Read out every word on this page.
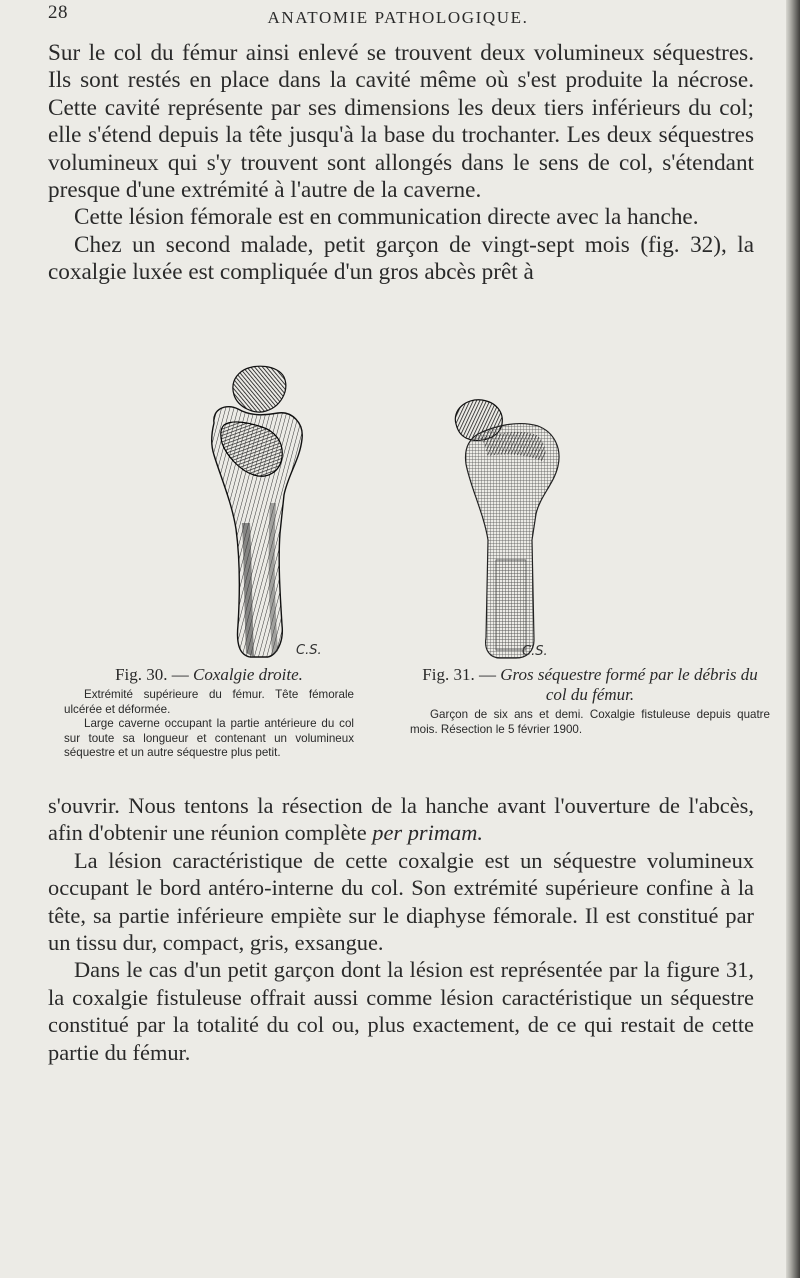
28	ANATOMIE PATHOLOGIQUE.

Sur le col du fémur ainsi enlevé se trouvent deux volumineux séquestres. Ils sont restés en place dans la cavité même où s'est produite la nécrose. Cette cavité représente par ses dimensions les deux tiers inférieurs du col; elle s'étend depuis la tête jusqu'à la base du trochanter. Les deux séquestres volumineux qui s'y trouvent sont allongés dans le sens de col, s'étendant presque d'une extrémité à l'autre de la caverne.

Cette lésion fémorale est en communication directe avec la hanche.

Chez un second malade, petit garçon de vingt-sept mois (fig. 32), la coxalgie luxée est compliquée d'un gros abcès prêt à

C.S.	C.S.
Fig. 30. — Coxalgie droite.

Extrémité supérieure du fémur. Tête fémorale ulcérée et déformée.

Large caverne occupant la partie antérieure du col sur toute sa longueur et contenant un volumineux séquestre et un autre séquestre plus petit.

Fig. 31. — Gros séquestre formé par le débris du col du fémur.

Garçon de six ans et demi. Coxalgie fistuleuse depuis quatre mois. Résection le 5 février 1900.

s'ouvrir. Nous tentons la résection de la hanche avant l'ouverture de l'abcès, afin d'obtenir une réunion complète per primam.

La lésion caractéristique de cette coxalgie est un séquestre volumineux occupant le bord antéro-interne du col. Son extrémité supérieure confine à la tête, sa partie inférieure empiète sur le diaphyse fémorale. Il est constitué par un tissu dur, compact, gris, exsangue.

Dans le cas d'un petit garçon dont la lésion est représentée par la figure 31, la coxalgie fistuleuse offrait aussi comme lésion caractéristique un séquestre constitué par la totalité du col ou, plus exactement, de ce qui restait de cette partie du fémur.
